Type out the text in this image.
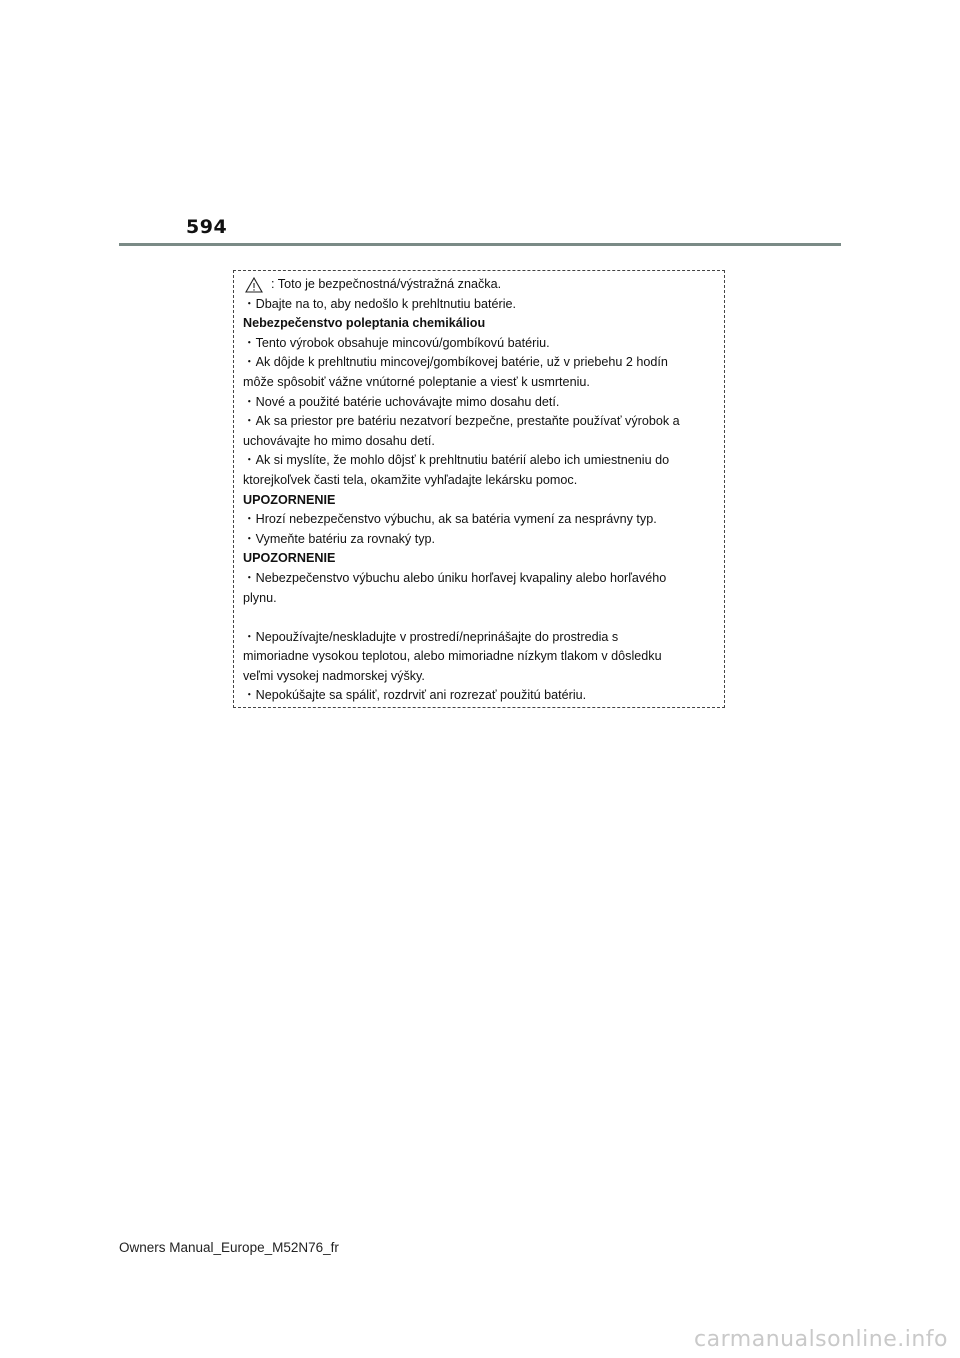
594
: Toto je bezpečnostná/výstražná značka.
・Dbajte na to, aby nedošlo k prehltnutiu batérie.
Nebezpečenstvo poleptania chemikáliou
・Tento výrobok obsahuje mincovú/gombíkovú batériu.
・Ak dôjde k prehltnutiu mincovej/gombíkovej batérie, už v priebehu 2 hodín
môže spôsobiť vážne vnútorné poleptanie a viesť k usmrteniu.
・Nové a použité batérie uchovávajte mimo dosahu detí.
・Ak sa priestor pre batériu nezatvorí bezpečne, prestaňte používať výrobok a
uchovávajte ho mimo dosahu detí.
・Ak si myslíte, že mohlo dôjsť k prehltnutiu batérií alebo ich umiestneniu do
ktorejkoľvek časti tela, okamžite vyhľadajte lekársku pomoc.
UPOZORNENIE
・Hrozí nebezpečenstvo výbuchu, ak sa batéria vymení za nesprávny typ.
・Vymeňte batériu za rovnaký typ.
UPOZORNENIE
・Nebezpečenstvo výbuchu alebo úniku horľavej kvapaliny alebo horľavého
plynu.
・Nepoužívajte/neskladujte v prostredí/neprinášajte do prostredia s
mimoriadne vysokou teplotou, alebo mimoriadne nízkym tlakom v dôsledku
veľmi vysokej nadmorskej výšky.
・Nepokúšajte sa spáliť, rozdrviť ani rozrezať použitú batériu.
Owners Manual_Europe_M52N76_fr
carmanualsonline.info
